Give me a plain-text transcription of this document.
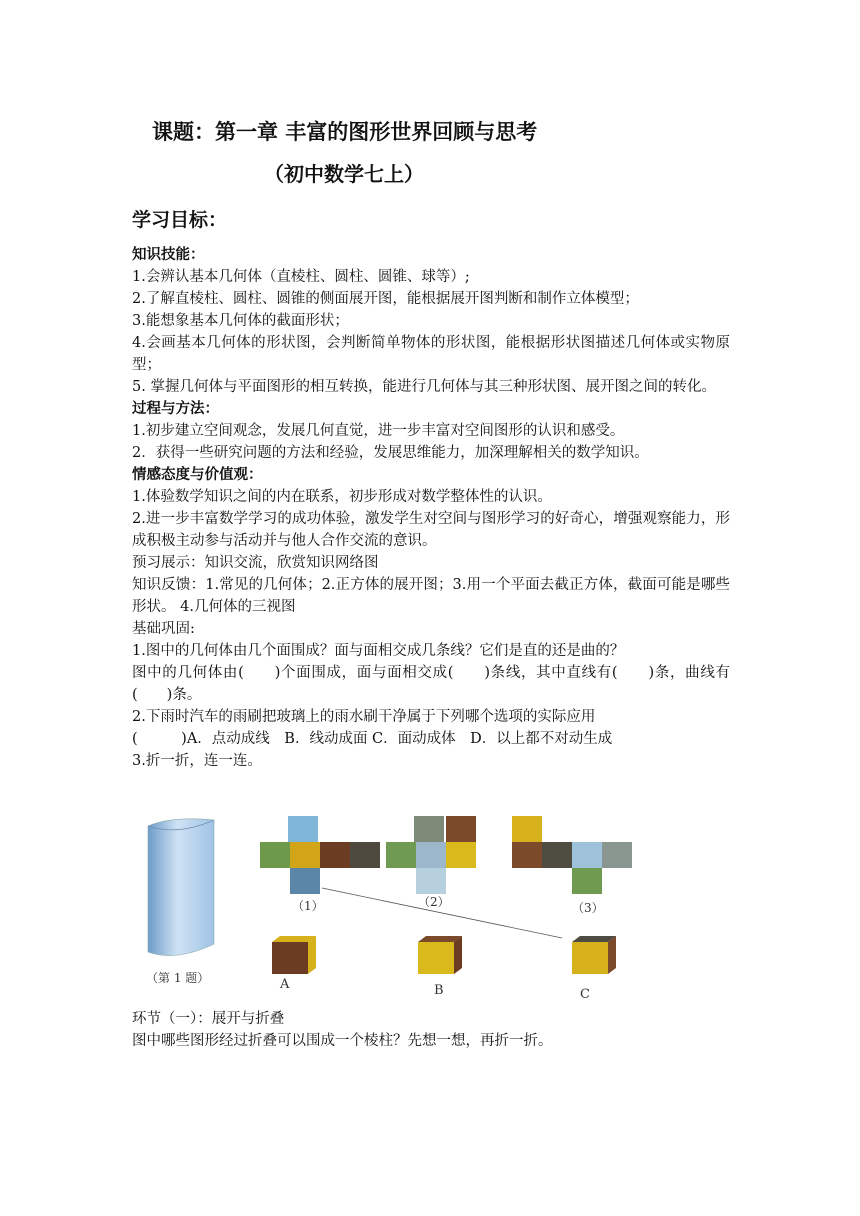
课题：第一章 丰富的图形世界回顾与思考
（初中数学七上）
学习目标：

知识技能：

1.会辨认基本几何体（直棱柱、圆柱、圆锥、球等）;

2.了解直棱柱、圆柱、圆锥的侧面展开图，能根据展开图判断和制作立体模型；

3.能想象基本几何体的截面形状；

4.会画基本几何体的形状图，会判断简单物体的形状图，能根据形状图描述几何体或实物原型；

5. 掌握几何体与平面图形的相互转换，能进行几何体与其三种形状图、展开图之间的转化。

过程与方法：

1.初步建立空间观念，发展几何直觉，进一步丰富对空间图形的认识和感受。

2．获得一些研究问题的方法和经验，发展思维能力，加深理解相关的数学知识。

情感态度与价值观：

1.体验数学知识之间的内在联系，初步形成对数学整体性的认识。

2.进一步丰富数学学习的成功体验，激发学生对空间与图形学习的好奇心，增强观察能力，形成积极主动参与活动并与他人合作交流的意识。

预习展示：知识交流，欣赏知识网络图

知识反馈：1.常见的几何体；2.正方体的展开图；3.用一个平面去截正方体，截面可能是哪些形状。 4.几何体的三视图

基础巩固:

1.图中的几何体由几个面围成？面与面相交成几条线？它们是直的还是曲的？

图中的几何体由(　　)个面围成，面与面相交成(　　)条线，其中直线有(　　)条，曲线有　(　　)条。

2.下雨时汽车的雨刷把玻璃上的雨水刷干净属于下列哪个选项的实际应用

(　　　)A．点动成线　B．线动成面 C．面动成体　D．以上都不对动生成

3.折一折，连一连。

（1）	（2）	（3）
（第 1 题）	A	B	C

环节（一）：展开与折叠

图中哪些图形经过折叠可以围成一个棱柱？先想一想，再折一折。
